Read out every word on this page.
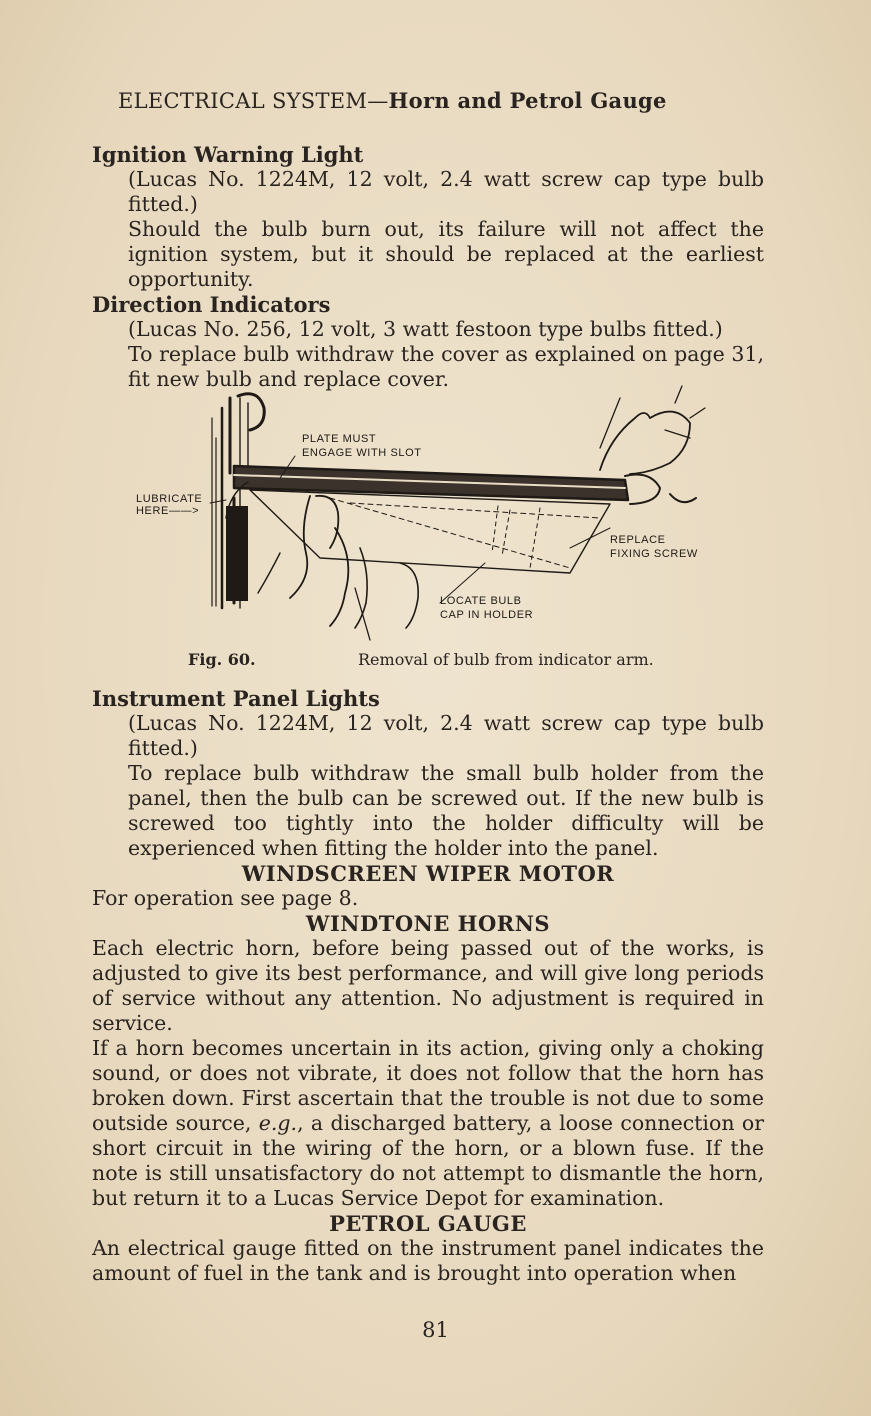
ELECTRICAL SYSTEM—Horn and Petrol Gauge
Ignition Warning Light
(Lucas No. 1224M, 12 volt, 2.4 watt screw cap type bulb fitted.)
Should the bulb burn out, its failure will not affect the ignition system, but it should be replaced at the earliest opportunity.
Direction Indicators
(Lucas No. 256, 12 volt, 3 watt festoon type bulbs fitted.)
To replace bulb withdraw the cover as explained on page 31, fit new bulb and replace cover.
PLATE MUST
ENGAGE WITH SLOT
LUBRICATE
HERE——>
REPLACE
FIXING SCREW
LOCATE BULB
CAP IN HOLDER
Fig. 60.	Removal of bulb from indicator arm.
Instrument Panel Lights
(Lucas No. 1224M, 12 volt, 2.4 watt screw cap type bulb fitted.)
To replace bulb withdraw the small bulb holder from the panel, then the bulb can be screwed out. If the new bulb is screwed too tightly into the holder difficulty will be experienced when fitting the holder into the panel.
WINDSCREEN WIPER MOTOR
For operation see page 8.
WINDTONE HORNS
Each electric horn, before being passed out of the works, is adjusted to give its best performance, and will give long periods of service without any attention. No adjustment is required in service.
If a horn becomes uncertain in its action, giving only a choking sound, or does not vibrate, it does not follow that the horn has broken down. First ascertain that the trouble is not due to some outside source, e.g., a discharged battery, a loose connection or short circuit in the wiring of the horn, or a blown fuse. If the note is still unsatisfactory do not attempt to dismantle the horn, but return it to a Lucas Service Depot for examination.
PETROL GAUGE
An electrical gauge fitted on the instrument panel indicates the amount of fuel in the tank and is brought into operation when
81
